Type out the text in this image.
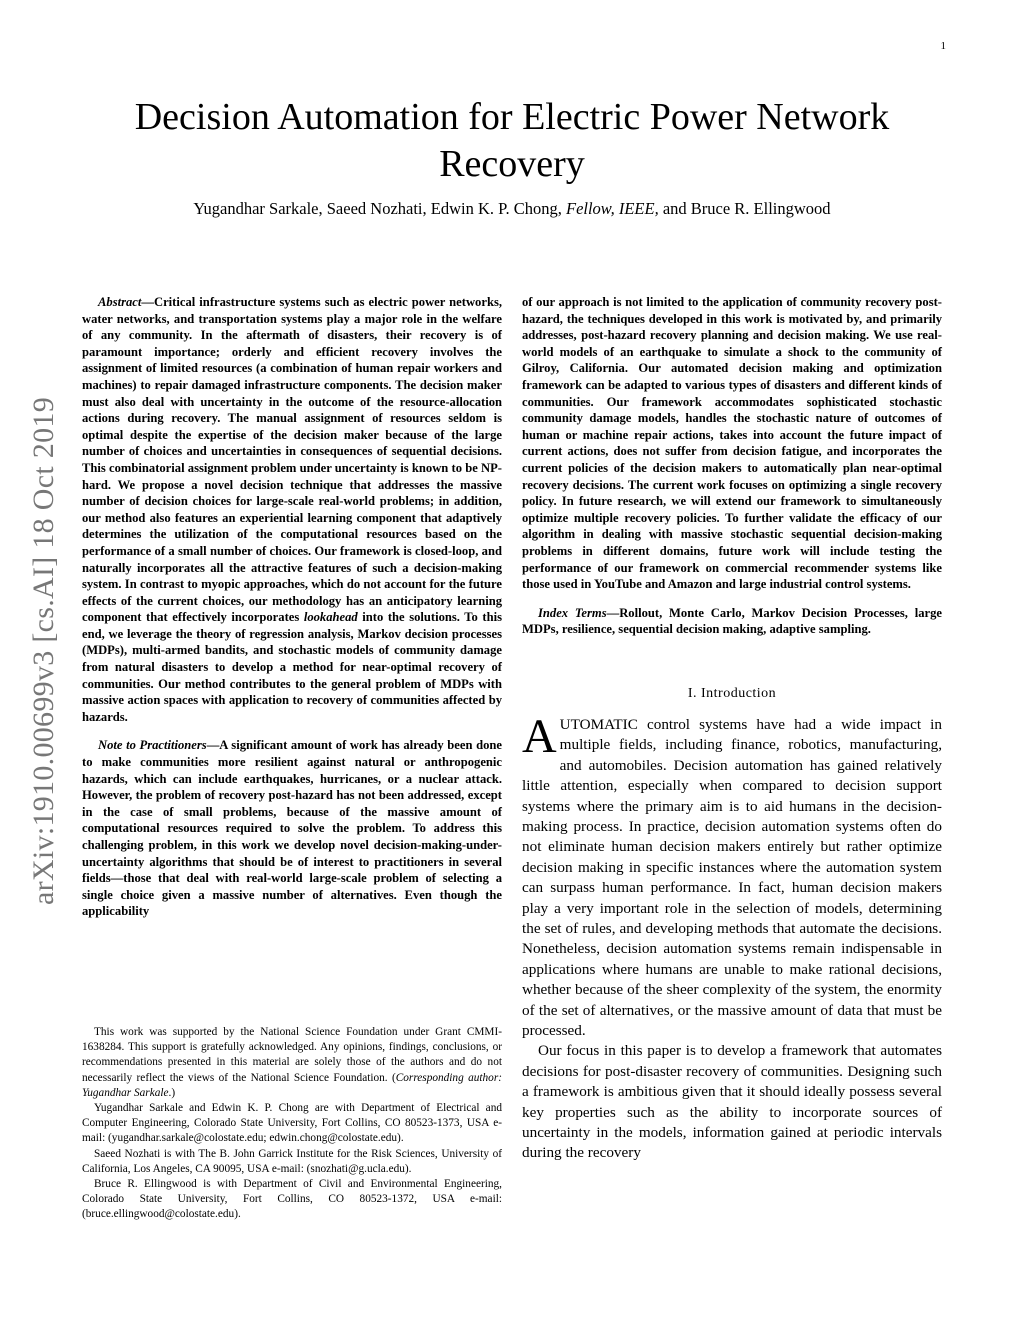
1
arXiv:1910.00699v3 [cs.AI] 18 Oct 2019
Decision Automation for Electric Power Network Recovery
Yugandhar Sarkale, Saeed Nozhati, Edwin K. P. Chong, Fellow, IEEE, and Bruce R. Ellingwood

Abstract—Critical infrastructure systems such as electric power networks, water networks, and transportation systems play a major role in the welfare of any community. In the aftermath of disasters, their recovery is of paramount importance; orderly and efficient recovery involves the assignment of limited resources (a combination of human repair workers and machines) to repair damaged infrastructure components. The decision maker must also deal with uncertainty in the outcome of the resource-allocation actions during recovery. The manual assignment of resources seldom is optimal despite the expertise of the decision maker because of the large number of choices and uncertainties in consequences of sequential decisions. This combinatorial assignment problem under uncertainty is known to be NP-hard. We propose a novel decision technique that addresses the massive number of decision choices for large-scale real-world problems; in addition, our method also features an experiential learning component that adaptively determines the utilization of the computational resources based on the performance of a small number of choices. Our framework is closed-loop, and naturally incorporates all the attractive features of such a decision-making system. In contrast to myopic approaches, which do not account for the future effects of the current choices, our methodology has an anticipatory learning component that effectively incorporates lookahead into the solutions. To this end, we leverage the theory of regression analysis, Markov decision processes (MDPs), multi-armed bandits, and stochastic models of community damage from natural disasters to develop a method for near-optimal recovery of communities. Our method contributes to the general problem of MDPs with massive action spaces with application to recovery of communities affected by hazards.

Note to Practitioners—A significant amount of work has already been done to make communities more resilient against natural or anthropogenic hazards, which can include earthquakes, hurricanes, or a nuclear attack. However, the problem of recovery post-hazard has not been addressed, except in the case of small problems, because of the massive amount of computational resources required to solve the problem. To address this challenging problem, in this work we develop novel decision-making-under-uncertainty algorithms that should be of interest to practitioners in several fields—those that deal with real-world large-scale problem of selecting a single choice given a massive number of alternatives. Even though the applicability

This work was supported by the National Science Foundation under Grant CMMI-1638284. This support is gratefully acknowledged. Any opinions, findings, conclusions, or recommendations presented in this material are solely those of the authors and do not necessarily reflect the views of the National Science Foundation. (Corresponding author: Yugandhar Sarkale.)

Yugandhar Sarkale and Edwin K. P. Chong are with Department of Electrical and Computer Engineering, Colorado State University, Fort Collins, CO 80523-1373, USA e-mail: (yugandhar.sarkale@colostate.edu; edwin.chong@colostate.edu).

Saeed Nozhati is with The B. John Garrick Institute for the Risk Sciences, University of California, Los Angeles, CA 90095, USA e-mail: (snozhati@g.ucla.edu).

Bruce R. Ellingwood is with Department of Civil and Environmental Engineering, Colorado State University, Fort Collins, CO 80523-1372, USA e-mail: (bruce.ellingwood@colostate.edu).

of our approach is not limited to the application of community recovery post-hazard, the techniques developed in this work is motivated by, and primarily addresses, post-hazard recovery planning and decision making. We use real-world models of an earthquake to simulate a shock to the community of Gilroy, California. Our automated decision making and optimization framework can be adapted to various types of disasters and different kinds of communities. Our framework accommodates sophisticated stochastic community damage models, handles the stochastic nature of outcomes of human or machine repair actions, takes into account the future impact of current actions, does not suffer from decision fatigue, and incorporates the current policies of the decision makers to automatically plan near-optimal recovery decisions. The current work focuses on optimizing a single recovery policy. In future research, we will extend our framework to simultaneously optimize multiple recovery policies. To further validate the efficacy of our algorithm in dealing with massive stochastic sequential decision-making problems in different domains, future work will include testing the performance of our framework on commercial recommender systems like those used in YouTube and Amazon and large industrial control systems.

Index Terms—Rollout, Monte Carlo, Markov Decision Processes, large MDPs, resilience, sequential decision making, adaptive sampling.

I. Introduction

AUTOMATIC control systems have had a wide impact in multiple fields, including finance, robotics, manufacturing, and automobiles. Decision automation has gained relatively little attention, especially when compared to decision support systems where the primary aim is to aid humans in the decision-making process. In practice, decision automation systems often do not eliminate human decision makers entirely but rather optimize decision making in specific instances where the automation system can surpass human performance. In fact, human decision makers play a very important role in the selection of models, determining the set of rules, and developing methods that automate the decisions. Nonetheless, decision automation systems remain indispensable in applications where humans are unable to make rational decisions, whether because of the sheer complexity of the system, the enormity of the set of alternatives, or the massive amount of data that must be processed.

Our focus in this paper is to develop a framework that automates decisions for post-disaster recovery of communities. Designing such a framework is ambitious given that it should ideally possess several key properties such as the ability to incorporate sources of uncertainty in the models, information gained at periodic intervals during the recovery
